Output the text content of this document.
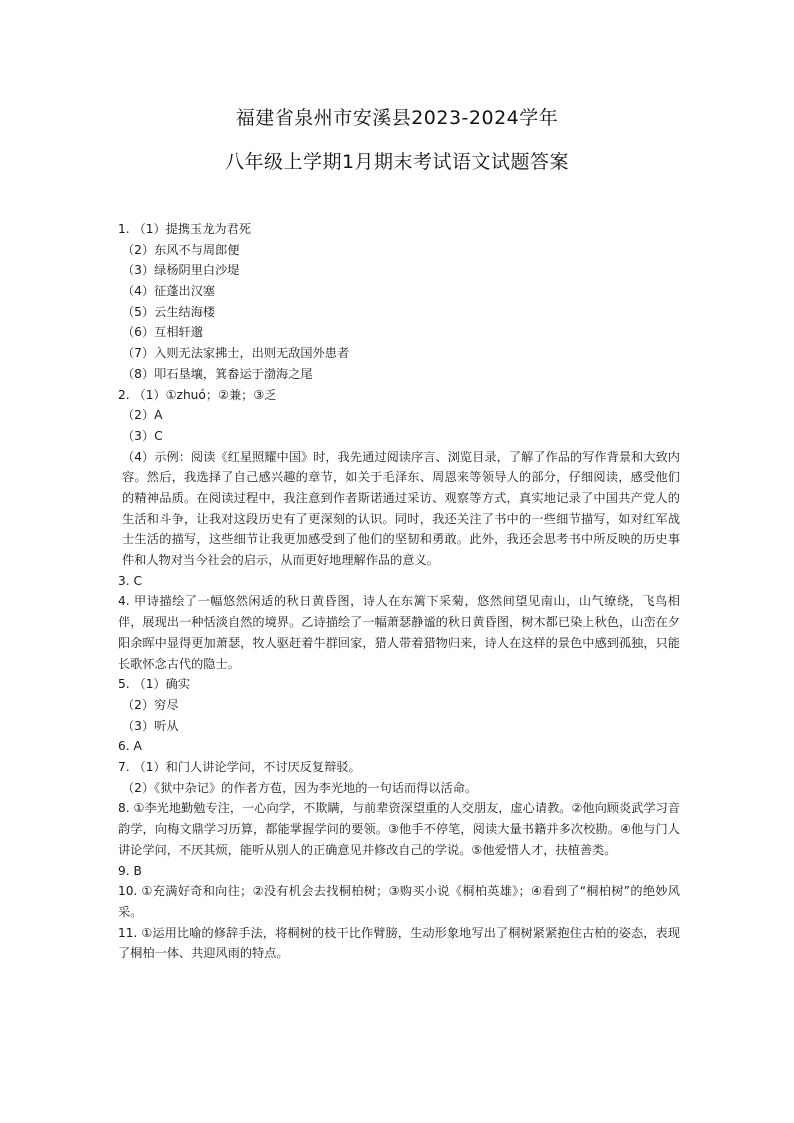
福建省泉州市安溪县2023-2024学年
八年级上学期1月期末考试语文试题答案
1. （1）提携玉龙为君死
（2）东风不与周郎便
（3）绿杨阴里白沙堤
（4）征蓬出汉塞
（5）云生结海楼
（6）互相轩邈
（7）入则无法家拂士，出则无敌国外患者
（8）叩石垦壤，箕畚运于渤海之尾
2. （1）①zhuó；②兼；③乏
（2）A
（3）C
（4）示例：阅读《红星照耀中国》时，我先通过阅读序言、浏览目录，了解了作品的写作背景和大致内容。然后，我选择了自己感兴趣的章节，如关于毛泽东、周恩来等领导人的部分，仔细阅读，感受他们的精神品质。在阅读过程中，我注意到作者斯诺通过采访、观察等方式，真实地记录了中国共产党人的生活和斗争，让我对这段历史有了更深刻的认识。同时，我还关注了书中的一些细节描写，如对红军战士生活的描写，这些细节让我更加感受到了他们的坚韧和勇敢。此外，我还会思考书中所反映的历史事件和人物对当今社会的启示，从而更好地理解作品的意义。
3. C
4. 甲诗描绘了一幅悠然闲适的秋日黄昏图，诗人在东篱下采菊，悠然间望见南山，山气缭绕，飞鸟相伴，展现出一种恬淡自然的境界。乙诗描绘了一幅萧瑟静谧的秋日黄昏图，树木都已染上秋色，山峦在夕阳余晖中显得更加萧瑟，牧人驱赶着牛群回家，猎人带着猎物归来，诗人在这样的景色中感到孤独，只能长歌怀念古代的隐士。
5. （1）确实
（2）穷尽
（3）听从
6. A
7. （1）和门人讲论学问，不讨厌反复辩驳。
（2）《狱中杂记》的作者方苞，因为李光地的一句话而得以活命。
8. ①李光地勤勉专注，一心向学，不欺瞒，与前辈资深望重的人交朋友，虚心请教。②他向顾炎武学习音韵学，向梅文鼎学习历算，都能掌握学问的要领。③他手不停笔，阅读大量书籍并多次校勘。④他与门人讲论学问，不厌其烦，能听从别人的正确意见并修改自己的学说。⑤他爱惜人才，扶植善类。
9. B
10. ①充满好奇和向往；②没有机会去找桐柏树；③购买小说《桐柏英雄》；④看到了“桐柏树”的绝妙风采。
11. ①运用比喻的修辞手法，将桐树的枝干比作臂膀，生动形象地写出了桐树紧紧抱住古柏的姿态，表现了桐柏一体、共迎风雨的特点。
